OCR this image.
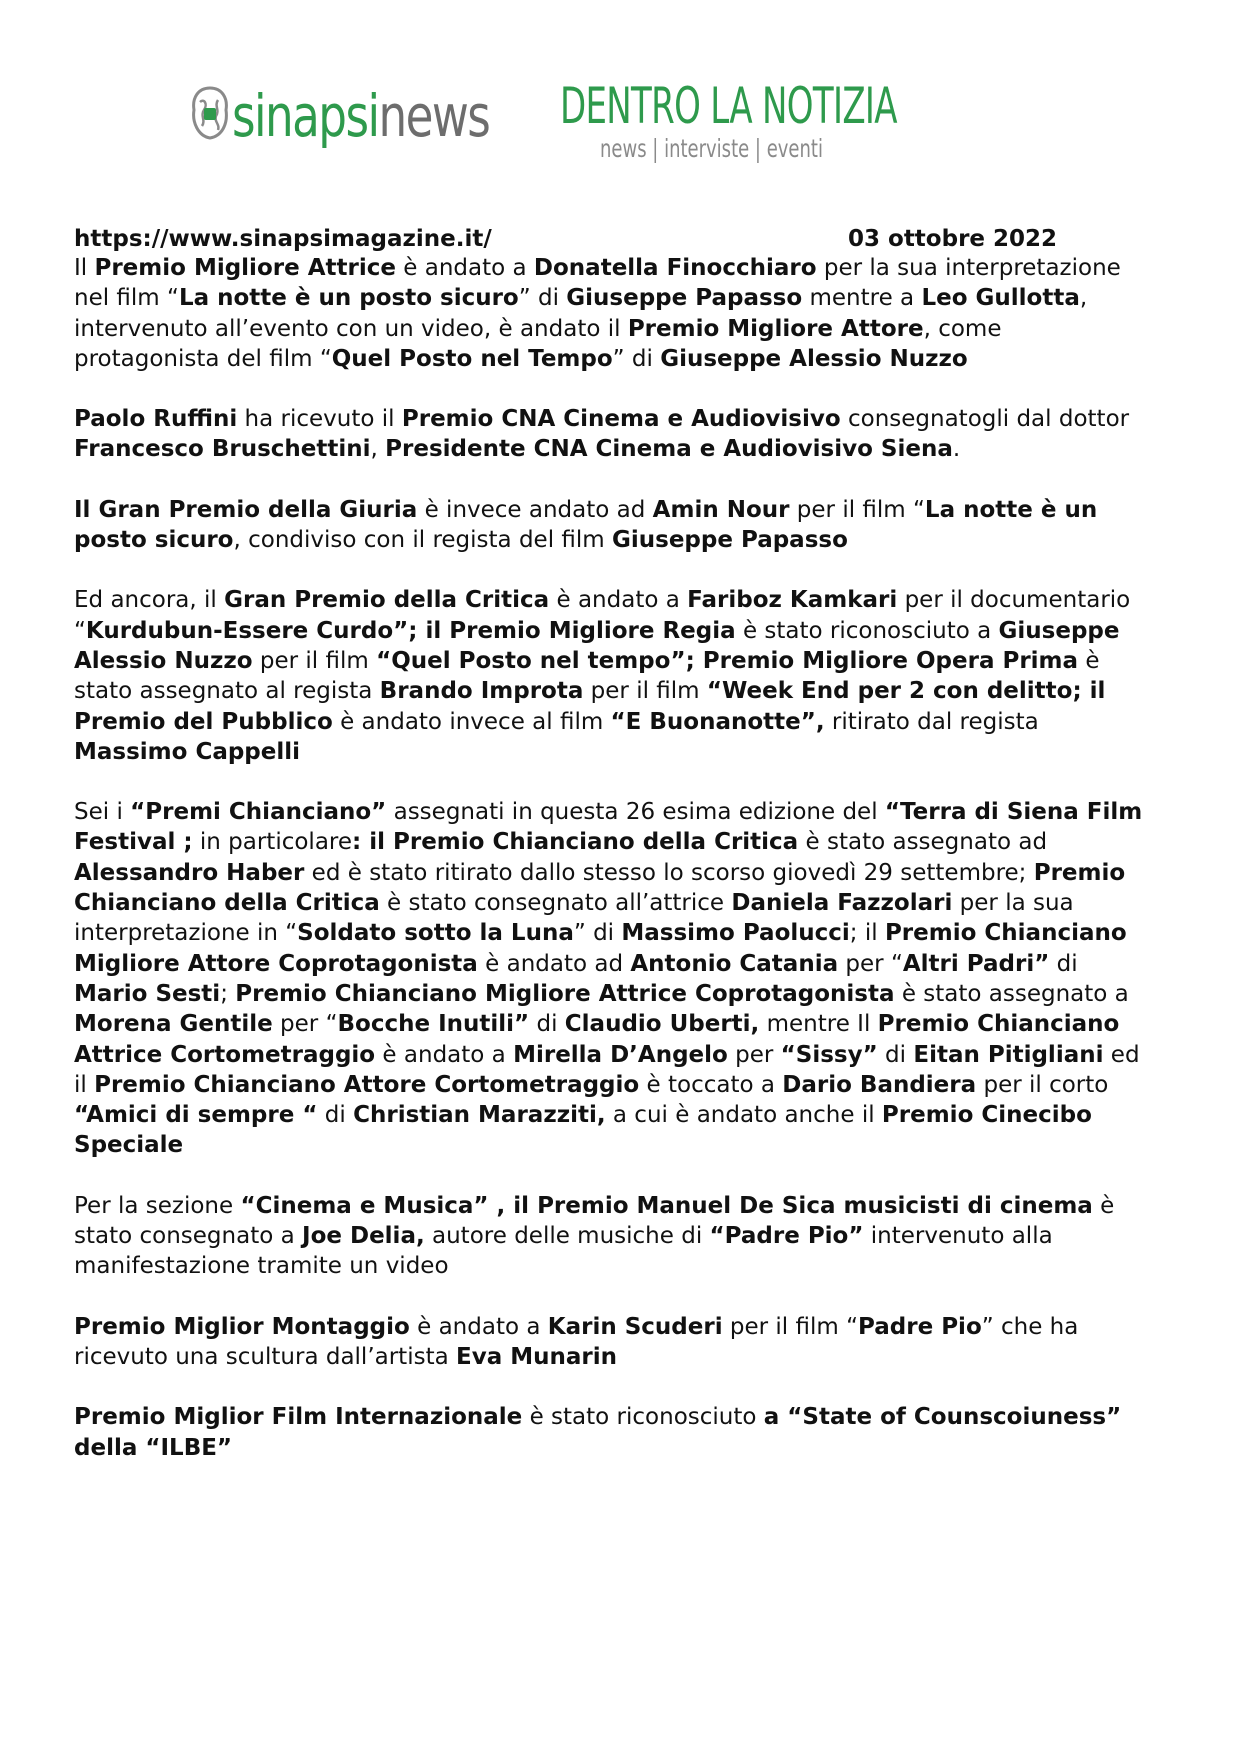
sinapsinews DENTRO LA NOTIZIA
news | interviste | eventi
https://www.sinapsimagazine.it/	03 ottobre 2022

Il Premio Migliore Attrice è andato a Donatella Finocchiaro per la sua interpretazione nel film “La notte è un posto sicuro” di Giuseppe Papasso mentre a Leo Gullotta, intervenuto all’evento con un video, è andato il Premio Migliore Attore, come protagonista del film “Quel Posto nel Tempo” di Giuseppe Alessio Nuzzo

Paolo Ruffini ha ricevuto il Premio CNA Cinema e Audiovisivo consegnatogli dal dottor Francesco Bruschettini, Presidente CNA Cinema e Audiovisivo Siena.

Il Gran Premio della Giuria è invece andato ad Amin Nour per il film “La notte è un posto sicuro, condiviso con il regista del film Giuseppe Papasso

Ed ancora, il Gran Premio della Critica è andato a Fariboz Kamkari per il documentario “Kurdubun-Essere Curdo”; il Premio Migliore Regia è stato riconosciuto a Giuseppe Alessio Nuzzo per il film “Quel Posto nel tempo”; Premio Migliore Opera Prima è stato assegnato al regista Brando Improta per il film “Week End per 2 con delitto; il Premio del Pubblico è andato invece al film “E Buonanotte”, ritirato dal regista Massimo Cappelli

Sei i “Premi Chianciano” assegnati in questa 26 esima edizione del “Terra di Siena Film Festival ; in particolare: il Premio Chianciano della Critica è stato assegnato ad Alessandro Haber ed è stato ritirato dallo stesso lo scorso giovedì 29 settembre; Premio Chianciano della Critica è stato consegnato all’attrice Daniela Fazzolari per la sua interpretazione in “Soldato sotto la Luna” di Massimo Paolucci; il Premio Chianciano Migliore Attore Coprotagonista è andato ad Antonio Catania per “Altri Padri” di Mario Sesti; Premio Chianciano Migliore Attrice Coprotagonista è stato assegnato a Morena Gentile per “Bocche Inutili” di Claudio Uberti, mentre Il Premio Chianciano Attrice Cortometraggio è andato a Mirella D’Angelo per “Sissy” di Eitan Pitigliani ed il Premio Chianciano Attore Cortometraggio è toccato a Dario Bandiera per il corto “Amici di sempre “ di Christian Marazziti, a cui è andato anche il Premio Cinecibo Speciale

Per la sezione “Cinema e Musica” , il Premio Manuel De Sica musicisti di cinema è stato consegnato a Joe Delia, autore delle musiche di “Padre Pio” intervenuto alla manifestazione tramite un video

Premio Miglior Montaggio è andato a Karin Scuderi per il film “Padre Pio” che ha ricevuto una scultura dall’artista Eva Munarin

Premio Miglior Film Internazionale è stato riconosciuto a “State of Counscoiuness” della “ILBE”
